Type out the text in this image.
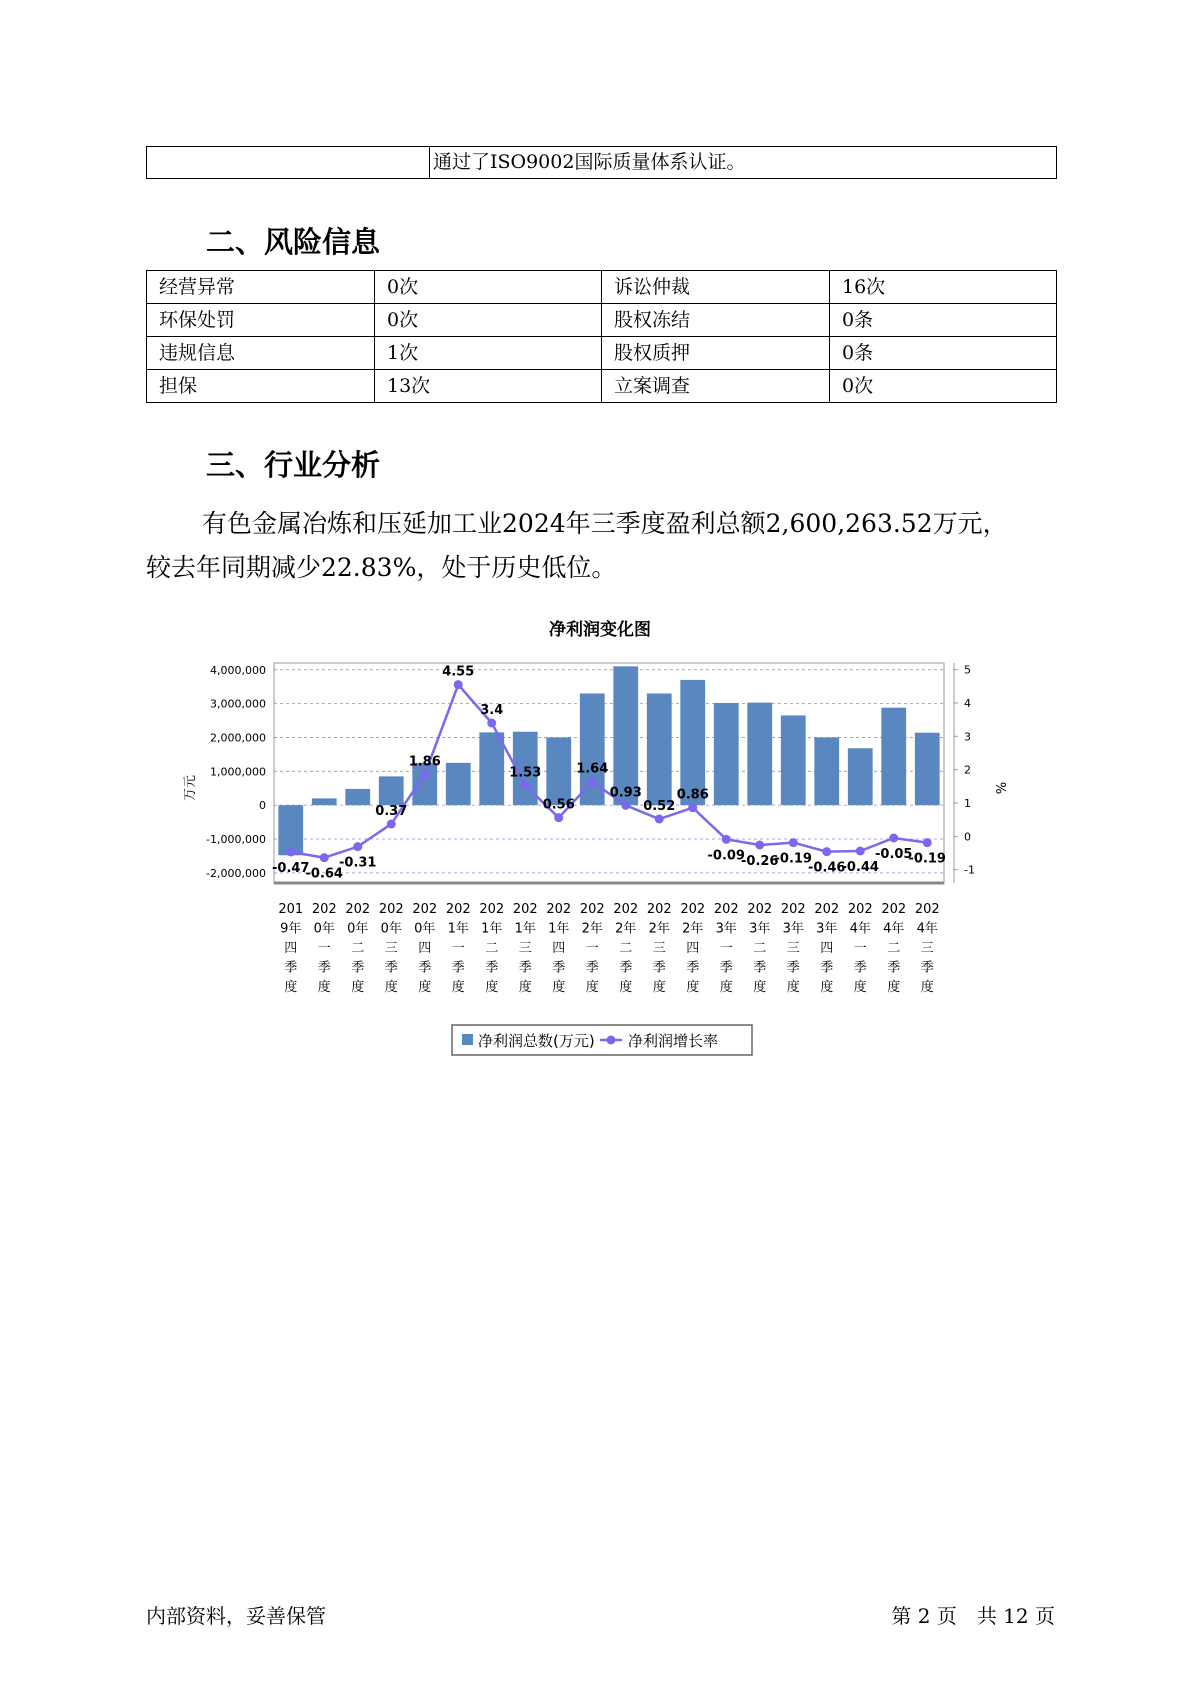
	通过了ISO9002国际质量体系认证。
二、风险信息
经营异常	0次	诉讼仲裁	16次
环保处罚	0次	股权冻结	0条
违规信息	1次	股权质押	0条
担保	13次	立案调查	0次
三、行业分析

有色金属冶炼和压延加工业2024年三季度盈利总额2,600,263.52万元，
较去年同期减少22.83%，处于历史低位。

净利润变化图
-0.47
-0.64
-0.31
0.37
1.86
4.55
3.4
1.53
0.56
1.64
0.93
0.52
0.86
-0.09
-0.26
-0.19
-0.46
-0.44
-0.05
-0.19
4,000,000
3,000,000
2,000,000
1,000,000
0
-1,000,000
-2,000,000
5
4
3
2
1
0
-1
201 9年四季度
202 0年一季度
202 0年二季度
202 0年三季度
202 0年四季度
202 1年一季度
202 1年二季度
202 1年三季度
202 1年四季度
202 2年一季度
202 2年二季度
202 2年三季度
202 2年四季度
202 3年一季度
202 3年二季度
202 3年三季度
202 3年四季度
202 4年一季度
202 4年二季度
202 4年三季度
万元	%
净利润总数(万元) 净利润增长率
内部资料，妥善保管	第 2 页　共 12 页
